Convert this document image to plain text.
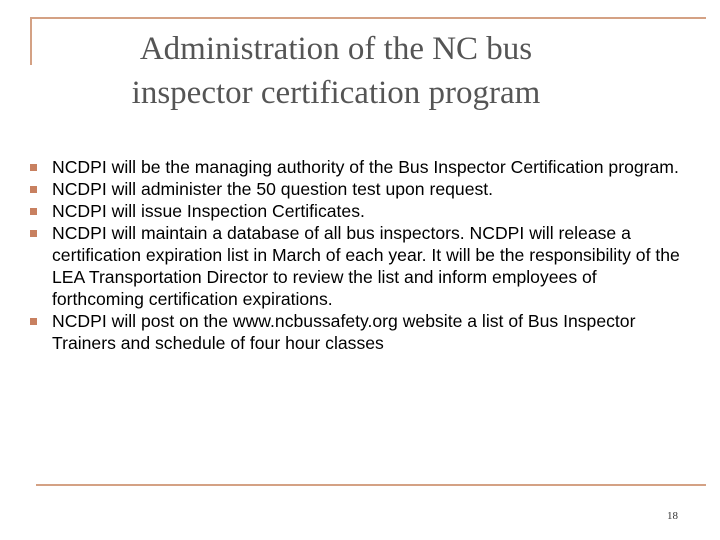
Administration of the NC bus
inspector certification program
NCDPI will be the managing authority of the Bus Inspector Certification program.
NCDPI will administer the 50 question test upon request.
NCDPI will issue Inspection Certificates.
NCDPI will maintain a database of all bus inspectors. NCDPI will release a certification expiration list in March of each year. It will be the responsibility of the LEA Transportation Director to review the list and inform employees of forthcoming certification expirations.
NCDPI will post on the www.ncbussafety.org website a list of Bus Inspector Trainers and schedule of four hour classes
18
